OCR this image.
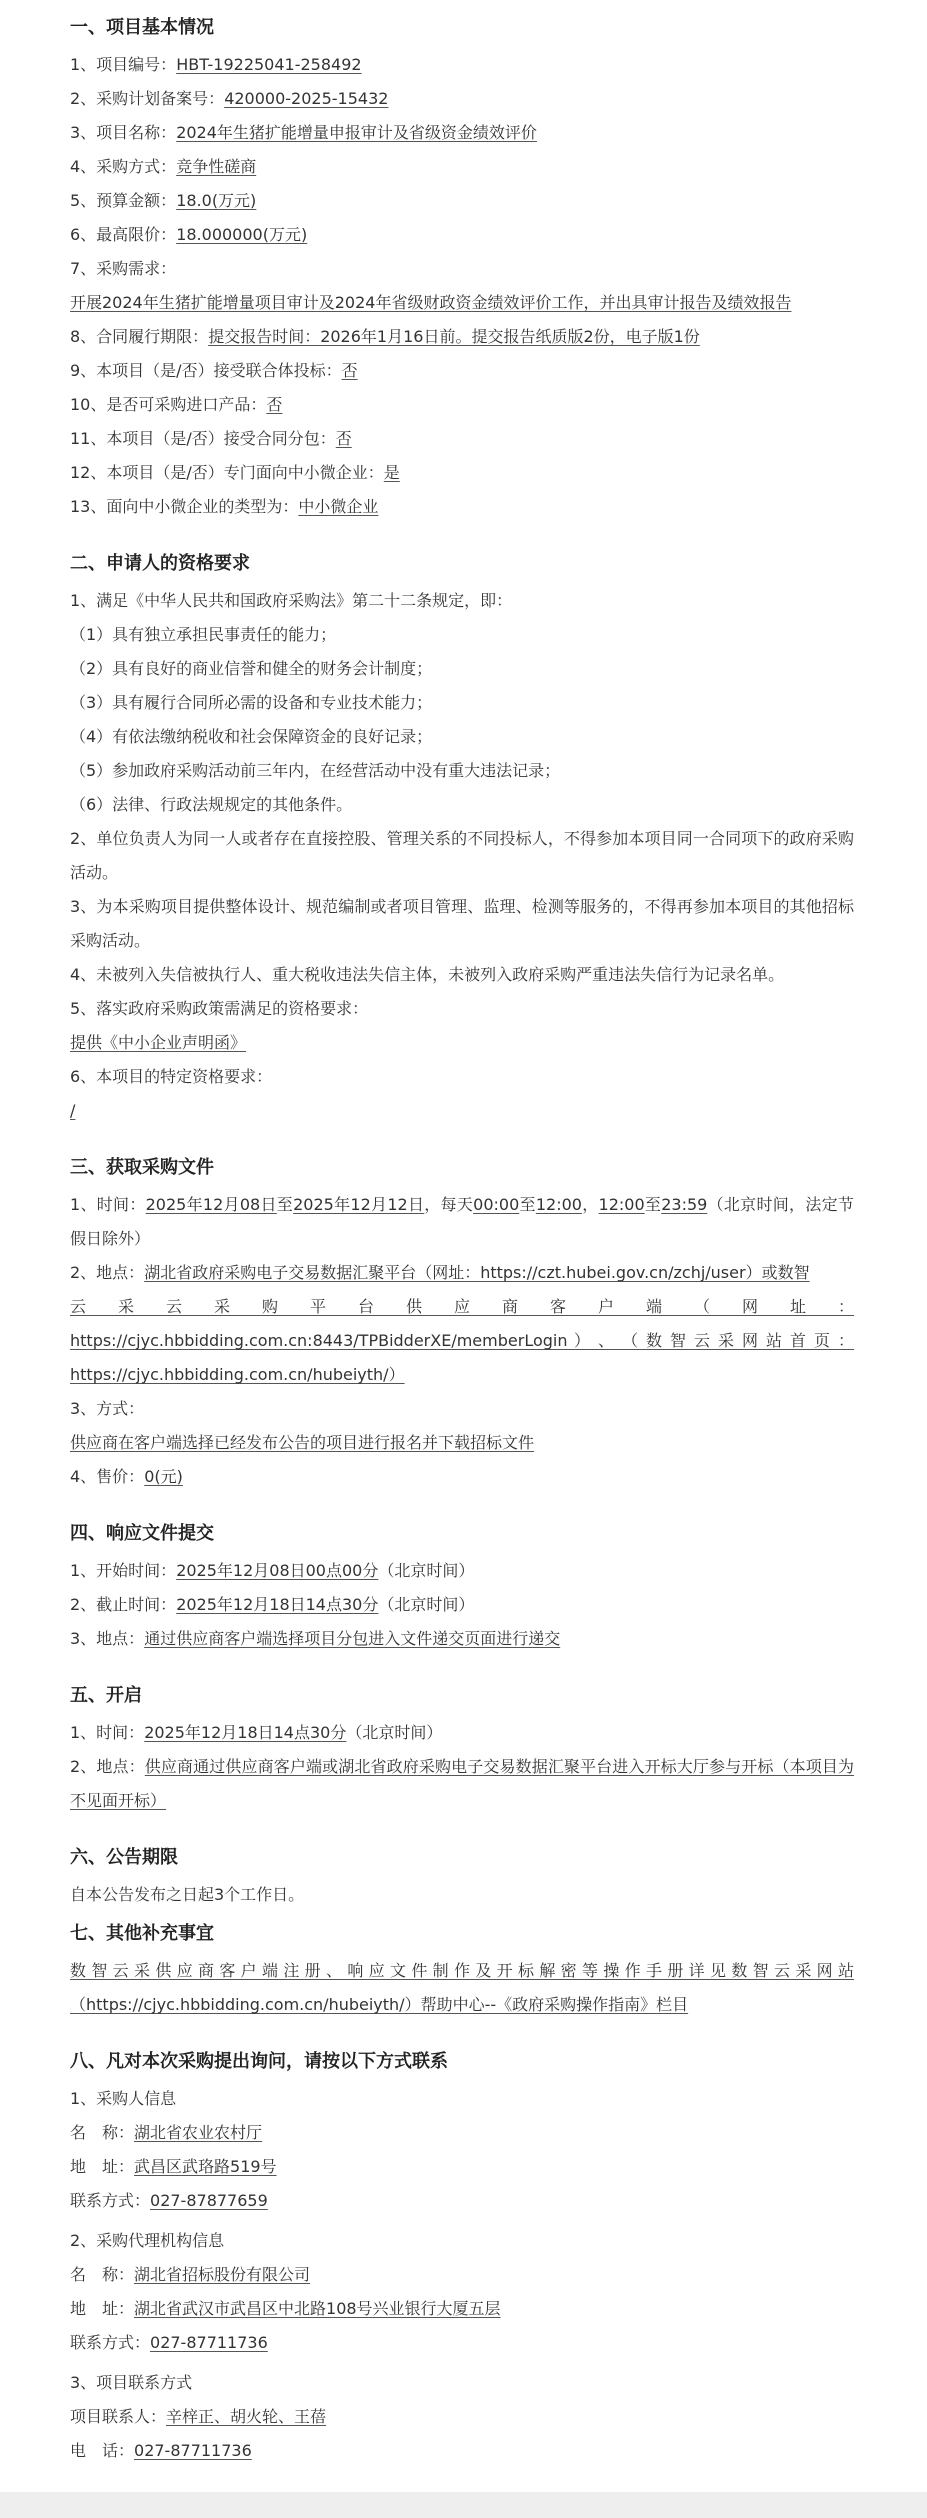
一、项目基本情况
1、项目编号：HBT-19225041-258492
2、采购计划备案号：420000-2025-15432
3、项目名称：2024年生猪扩能增量申报审计及省级资金绩效评价
4、采购方式：竞争性磋商
5、预算金额：18.0(万元)
6、最高限价：18.000000(万元)
7、采购需求：
开展2024年生猪扩能增量项目审计及2024年省级财政资金绩效评价工作，并出具审计报告及绩效报告
8、合同履行期限：提交报告时间：2026年1月16日前。提交报告纸质版2份，电子版1份
9、本项目（是/否）接受联合体投标：否
10、是否可采购进口产品：否
11、本项目（是/否）接受合同分包：否
12、本项目（是/否）专门面向中小微企业：是
13、面向中小微企业的类型为：中小微企业
二、申请人的资格要求
1、满足《中华人民共和国政府采购法》第二十二条规定，即：
（1）具有独立承担民事责任的能力；
（2）具有良好的商业信誉和健全的财务会计制度；
（3）具有履行合同所必需的设备和专业技术能力；
（4）有依法缴纳税收和社会保障资金的良好记录；
（5）参加政府采购活动前三年内，在经营活动中没有重大违法记录；
（6）法律、行政法规规定的其他条件。
2、单位负责人为同一人或者存在直接控股、管理关系的不同投标人，不得参加本项目同一合同项下的政府采购活动。
3、为本采购项目提供整体设计、规范编制或者项目管理、监理、检测等服务的，不得再参加本项目的其他招标采购活动。
4、未被列入失信被执行人、重大税收违法失信主体，未被列入政府采购严重违法失信行为记录名单。
5、落实政府采购政策需满足的资格要求：
提供《中小企业声明函》
6、本项目的特定资格要求：
/
三、获取采购文件
1、时间：2025年12月08日至2025年12月12日，每天00:00至12:00，12:00至23:59（北京时间，法定节假日除外）
2、地点：湖北省政府采购电子交易数据汇聚平台（网址：https://czt.hubei.gov.cn/zchj/user）或数智
云 采 云 采 购 平 台 供 应 商 客 户 端 （ 网 址 ：
https://cjyc.hbbidding.com.cn:8443/TPBidderXE/memberLogin ） 、 （ 数 智 云 采 网 站 首 页 ：
https://cjyc.hbbidding.com.cn/hubeiyth/）
3、方式：
供应商在客户端选择已经发布公告的项目进行报名并下载招标文件
4、售价：0(元)
四、响应文件提交
1、开始时间：2025年12月08日00点00分（北京时间）
2、截止时间：2025年12月18日14点30分（北京时间）
3、地点：通过供应商客户端选择项目分包进入文件递交页面进行递交
五、开启
1、时间：2025年12月18日14点30分（北京时间）
2、地点：供应商通过供应商客户端或湖北省政府采购电子交易数据汇聚平台进入开标大厅参与开标（本项目为不见面开标）
六、公告期限
自本公告发布之日起3个工作日。
七、其他补充事宜
数智云采供应商客户端注册、响应文件制作及开标解密等操作手册详见数智云采网站
（https://cjyc.hbbidding.com.cn/hubeiyth/）帮助中心--《政府采购操作指南》栏目
八、凡对本次采购提出询问，请按以下方式联系
1、采购人信息
名　称：湖北省农业农村厅
地　址：武昌区武珞路519号
联系方式：027-87877659
2、采购代理机构信息
名　称：湖北省招标股份有限公司
地　址：湖北省武汉市武昌区中北路108号兴业银行大厦五层
联系方式：027-87711736
3、项目联系方式
项目联系人：辛梓正、胡火轮、王蓓
电　话：027-87711736
